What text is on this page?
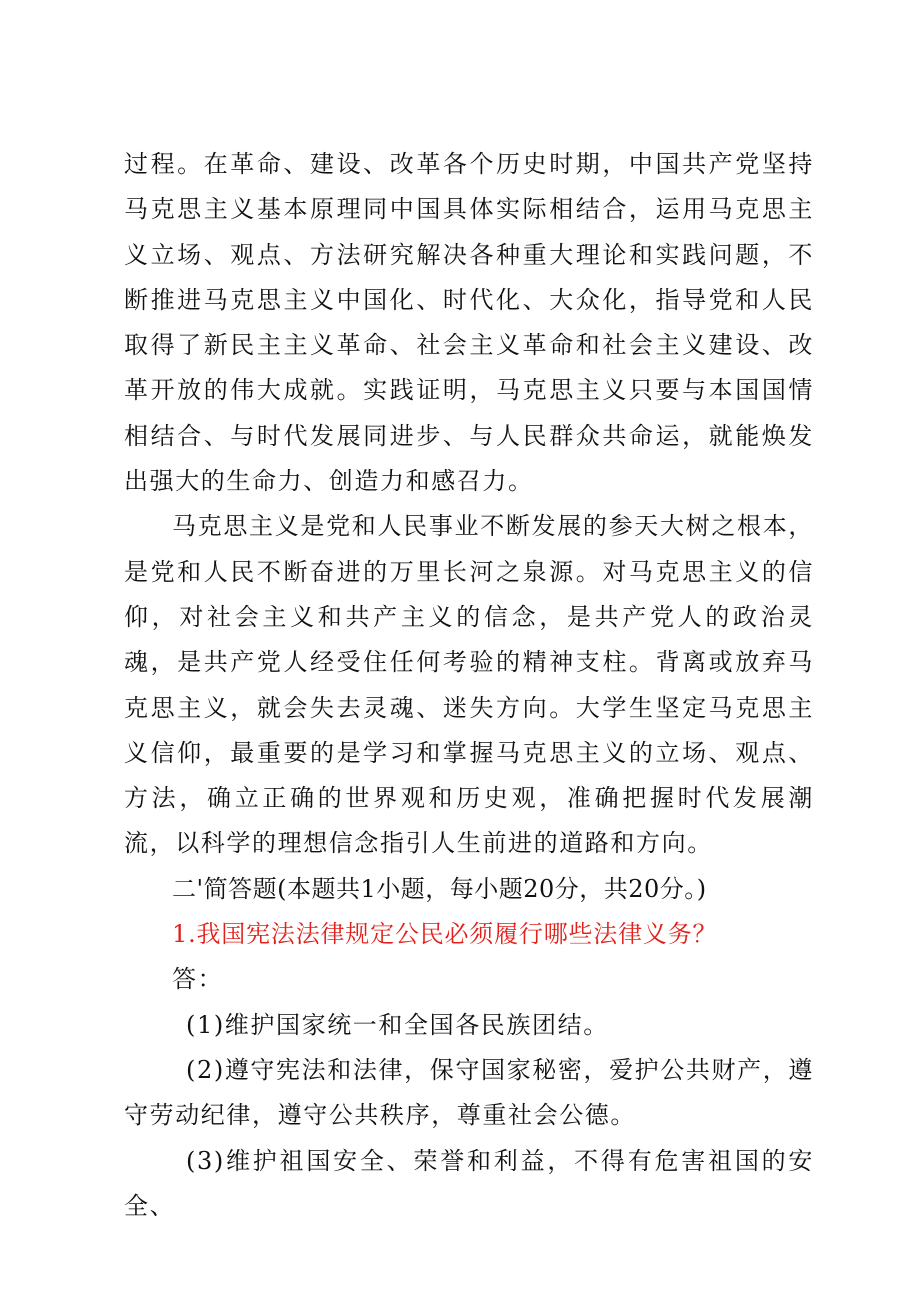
过程。在革命、建设、改革各个历史时期，中国共产党坚持马克思主义基本原理同中国具体实际相结合，运用马克思主义立场、观点、方法研究解决各种重大理论和实践问题，不断推进马克思主义中国化、时代化、大众化，指导党和人民取得了新民主主义革命、社会主义革命和社会主义建设、改革开放的伟大成就。实践证明，马克思主义只要与本国国情相结合、与时代发展同进步、与人民群众共命运，就能焕发出强大的生命力、创造力和感召力。

马克思主义是党和人民事业不断发展的参天大树之根本，是党和人民不断奋进的万里长河之泉源。对马克思主义的信仰，对社会主义和共产主义的信念，是共产党人的政治灵魂，是共产党人经受住任何考验的精神支柱。背离或放弃马克思主义，就会失去灵魂、迷失方向。大学生坚定马克思主义信仰，最重要的是学习和掌握马克思主义的立场、观点、方法，确立正确的世界观和历史观，准确把握时代发展潮流，以科学的理想信念指引人生前进的道路和方向。

二'简答题(本题共1小题，每小题20分，共20分。)

1.我国宪法法律规定公民必须履行哪些法律义务？

答：

(1)维护国家统一和全国各民族团结。

(2)遵守宪法和法律，保守国家秘密，爱护公共财产，遵守劳动纪律，遵守公共秩序，尊重社会公德。

(3)维护祖国安全、荣誉和利益，不得有危害祖国的安全、
